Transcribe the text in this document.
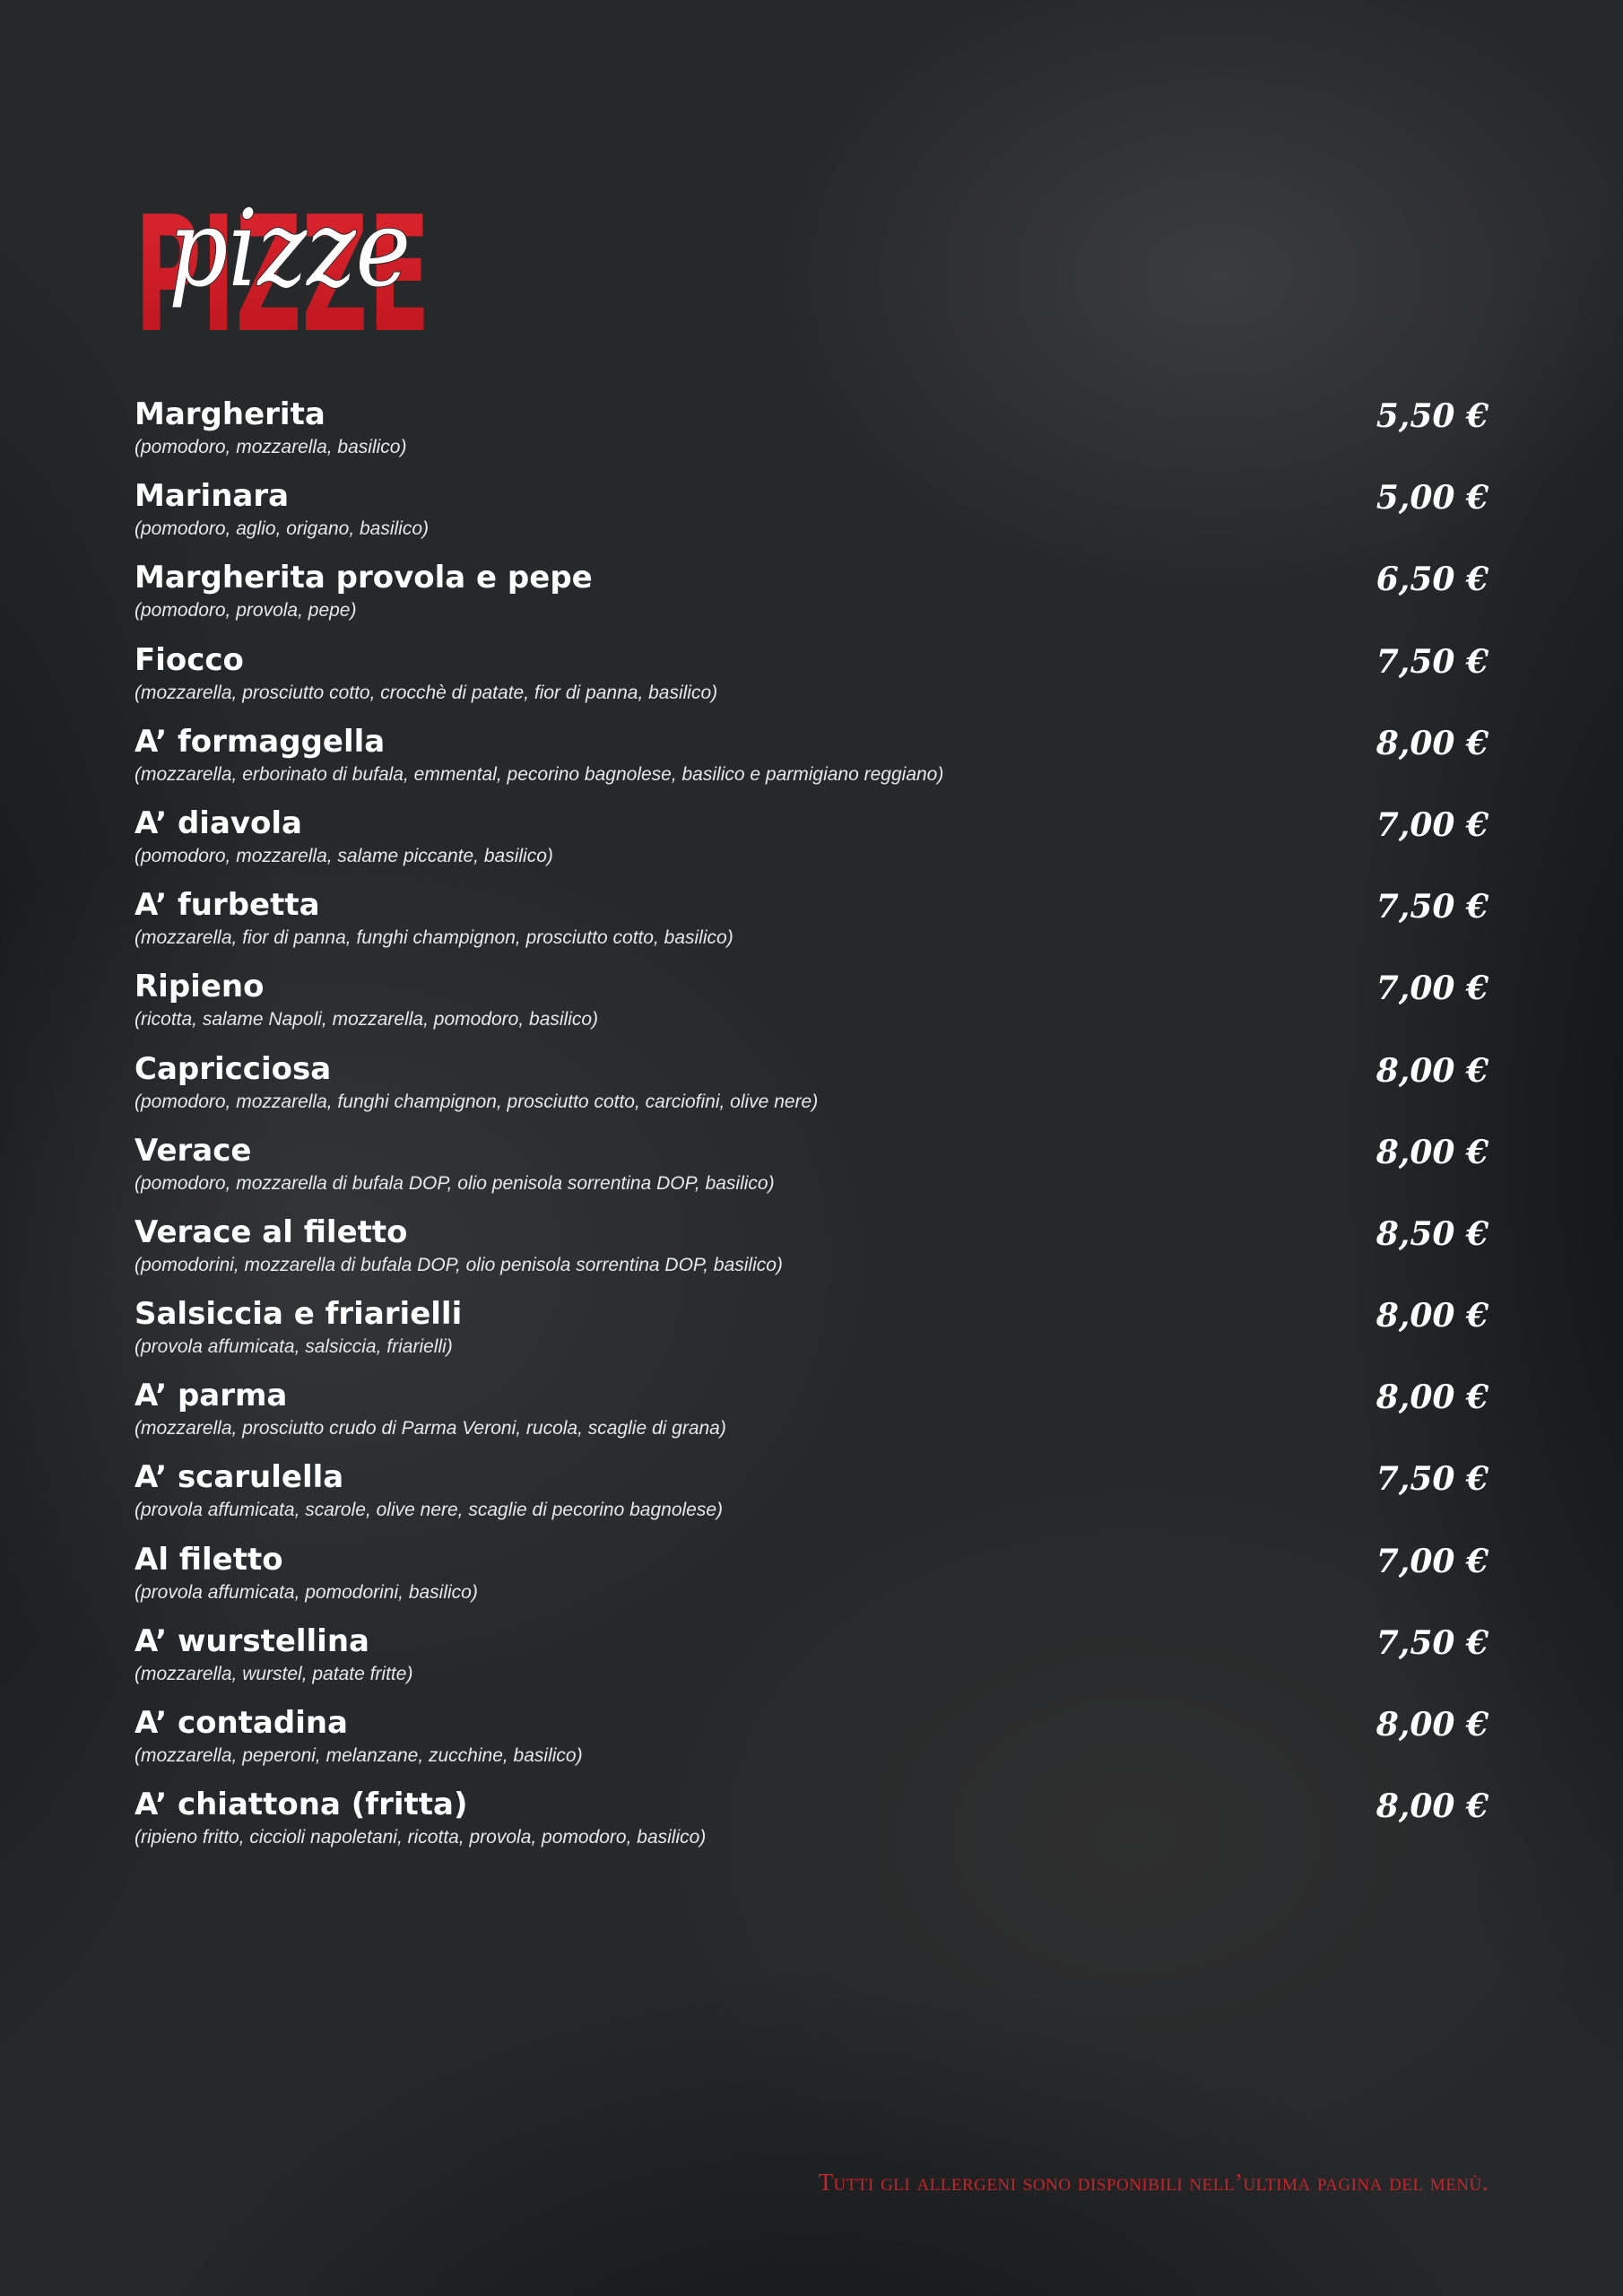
PIZZE
pizze
Margherita
(pomodoro, mozzarella, basilico)
5,50 €
Marinara
(pomodoro, aglio, origano, basilico)
5,00 €
Margherita provola e pepe
(pomodoro, provola, pepe)
6,50 €
Fiocco
(mozzarella, prosciutto cotto, crocchè di patate, fior di panna, basilico)
7,50 €
A’ formaggella
(mozzarella, erborinato di bufala, emmental, pecorino bagnolese, basilico e parmigiano reggiano)
8,00 €
A’ diavola
(pomodoro, mozzarella, salame piccante, basilico)
7,00 €
A’ furbetta
(mozzarella, fior di panna, funghi champignon, prosciutto cotto, basilico)
7,50 €
Ripieno
(ricotta, salame Napoli, mozzarella, pomodoro, basilico)
7,00 €
Capricciosa
(pomodoro, mozzarella, funghi champignon, prosciutto cotto, carciofini, olive nere)
8,00 €
Verace
(pomodoro, mozzarella di bufala DOP, olio penisola sorrentina DOP, basilico)
8,00 €
Verace al filetto
(pomodorini, mozzarella di bufala DOP, olio penisola sorrentina DOP, basilico)
8,50 €
Salsiccia e friarielli
(provola affumicata, salsiccia, friarielli)
8,00 €
A’ parma
(mozzarella, prosciutto crudo di Parma Veroni, rucola, scaglie di grana)
8,00 €
A’ scarulella
(provola affumicata, scarole, olive nere, scaglie di pecorino bagnolese)
7,50 €
Al filetto
(provola affumicata, pomodorini, basilico)
7,00 €
A’ wurstellina
(mozzarella, wurstel, patate fritte)
7,50 €
A’ contadina
(mozzarella, peperoni, melanzane, zucchine, basilico)
8,00 €
A’ chiattona (fritta)
(ripieno fritto, ciccioli napoletani, ricotta, provola, pomodoro, basilico)
8,00 €
Tutti gli allergeni sono disponibili nell’ultima pagina del menù.
